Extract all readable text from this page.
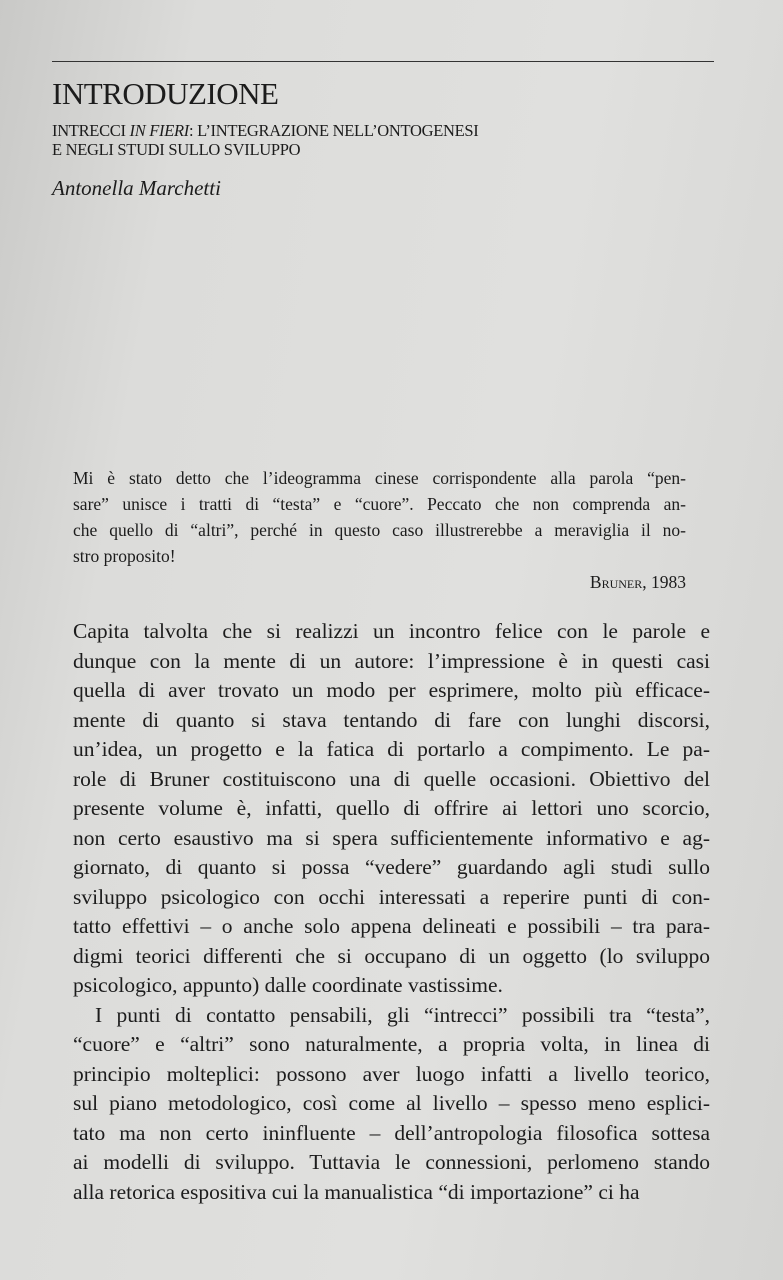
INTRODUZIONE
INTRECCI IN FIERI: L’INTEGRAZIONE NELL’ONTOGENESI
E NEGLI STUDI SULLO SVILUPPO
Antonella Marchetti
Mi è stato detto che l’ideogramma cinese corrispondente alla parola “pen-
sare” unisce i tratti di “testa” e “cuore”. Peccato che non comprenda an-
che quello di “altri”, perché in questo caso illustrerebbe a meraviglia il no-
stro proposito!
Bruner, 1983
Capita talvolta che si realizzi un incontro felice con le parole e
dunque con la mente di un autore: l’impressione è in questi casi
quella di aver trovato un modo per esprimere, molto più efficace-
mente di quanto si stava tentando di fare con lunghi discorsi,
un’idea, un progetto e la fatica di portarlo a compimento. Le pa-
role di Bruner costituiscono una di quelle occasioni. Obiettivo del
presente volume è, infatti, quello di offrire ai lettori uno scorcio,
non certo esaustivo ma si spera sufficientemente informativo e ag-
giornato, di quanto si possa “vedere” guardando agli studi sullo
sviluppo psicologico con occhi interessati a reperire punti di con-
tatto effettivi – o anche solo appena delineati e possibili – tra para-
digmi teorici differenti che si occupano di un oggetto (lo sviluppo
psicologico, appunto) dalle coordinate vastissime.
I punti di contatto pensabili, gli “intrecci” possibili tra “testa”,
“cuore” e “altri” sono naturalmente, a propria volta, in linea di
principio molteplici: possono aver luogo infatti a livello teorico,
sul piano metodologico, così come al livello – spesso meno esplici-
tato ma non certo ininfluente – dell’antropologia filosofica sottesa
ai modelli di sviluppo. Tuttavia le connessioni, perlomeno stando
alla retorica espositiva cui la manualistica “di importazione” ci ha
